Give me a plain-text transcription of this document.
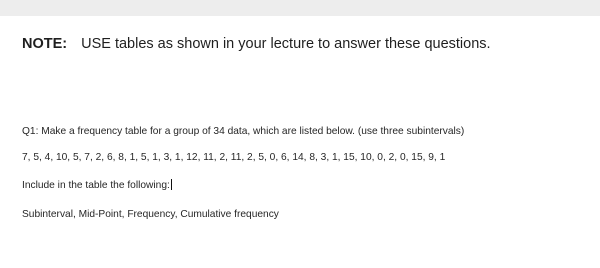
NOTE: USE tables as shown in your lecture to answer these questions.
Q1: Make a frequency table for a group of 34 data, which are listed below. (use three subintervals)
7, 5, 4, 10, 5, 7, 2, 6, 8, 1, 5, 1, 3, 1, 12, 11, 2, 11, 2, 5, 0, 6, 14, 8, 3, 1, 15, 10, 0, 2, 0, 15, 9, 1
Include in the table the following:
Subinterval, Mid-Point, Frequency, Cumulative frequency
